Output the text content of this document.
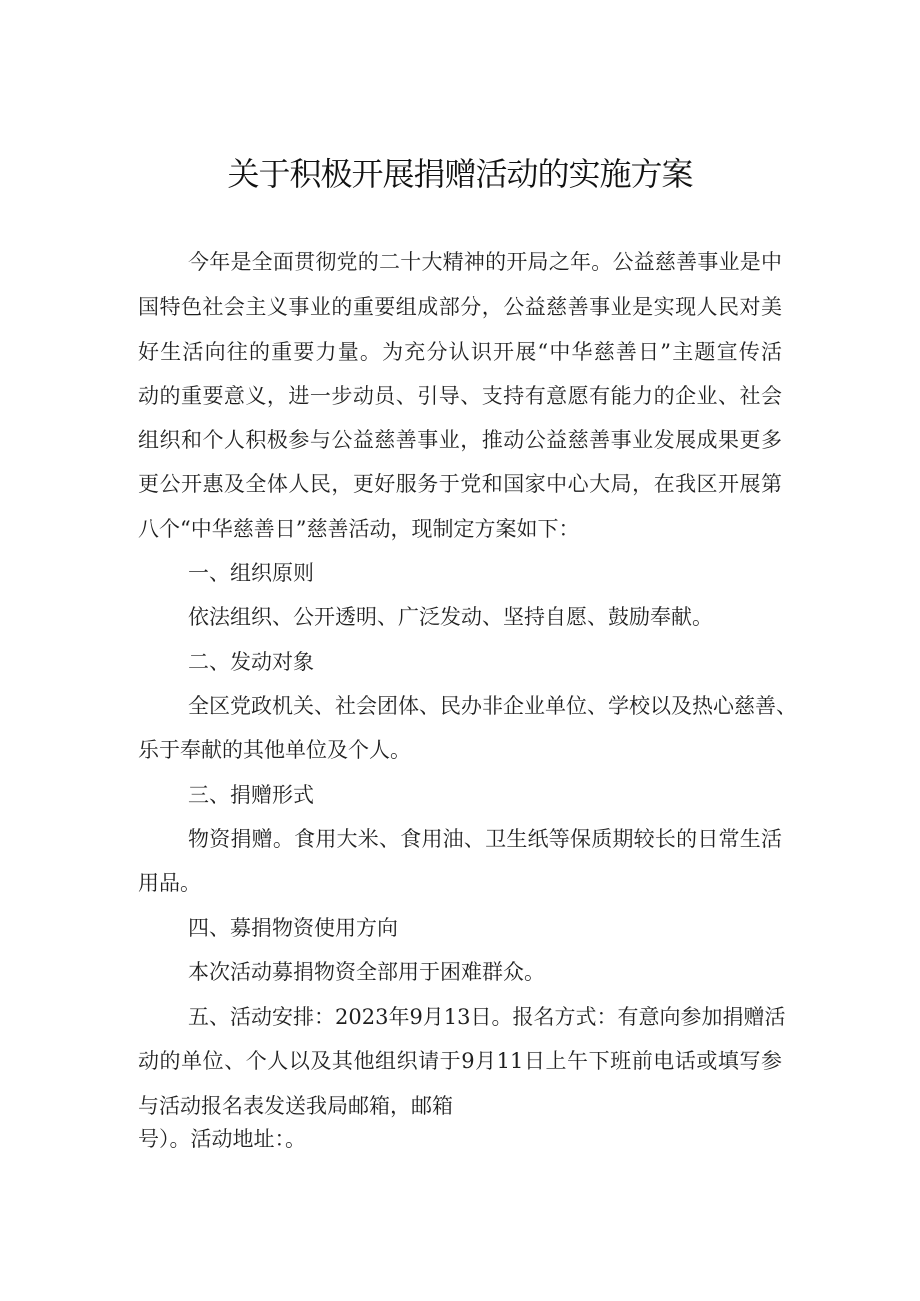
关于积极开展捐赠活动的实施方案
今年是全面贯彻党的二十大精神的开局之年。公益慈善事业是中
国特色社会主义事业的重要组成部分，公益慈善事业是实现人民对美
好生活向往的重要力量。为充分认识开展“中华慈善日”主题宣传活
动的重要意义，进一步动员、引导、支持有意愿有能力的企业、社会
组织和个人积极参与公益慈善事业，推动公益慈善事业发展成果更多
更公开惠及全体人民，更好服务于党和国家中心大局，在我区开展第
八个“中华慈善日”慈善活动，现制定方案如下：
一、组织原则
依法组织、公开透明、广泛发动、坚持自愿、鼓励奉献。
二、发动对象
全区党政机关、社会团体、民办非企业单位、学校以及热心慈善、
乐于奉献的其他单位及个人。
三、捐赠形式
物资捐赠。食用大米、食用油、卫生纸等保质期较长的日常生活
用品。
四、募捐物资使用方向
本次活动募捐物资全部用于困难群众。
五、活动安排：2023年9月13日。报名方式：有意向参加捐赠活
动的单位、个人以及其他组织请于9月11日上午下班前电话或填写参
与活动报名表发送我局邮箱，邮箱
号）。活动地址：。
